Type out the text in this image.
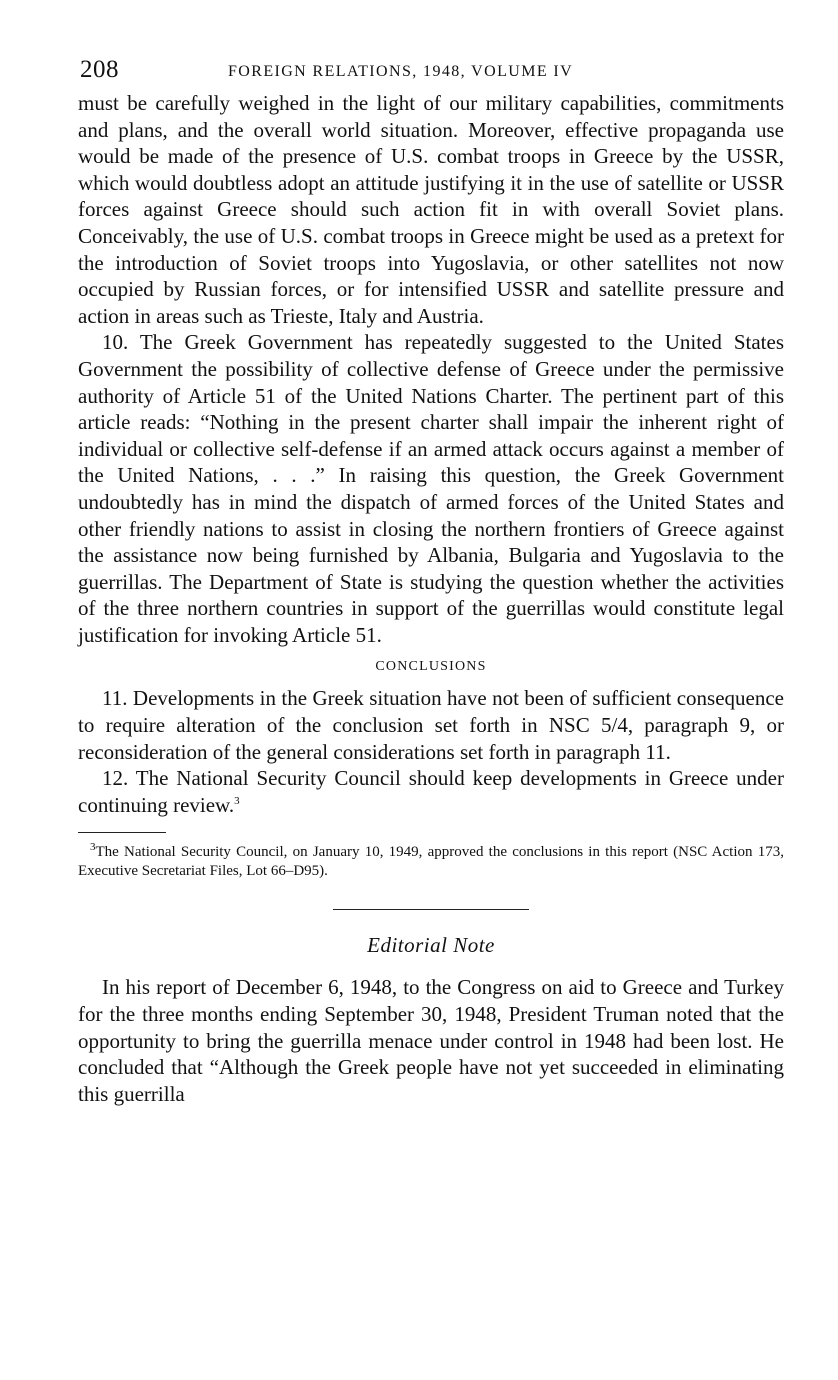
208	FOREIGN RELATIONS, 1948, VOLUME IV

must be carefully weighed in the light of our military capabilities, commitments and plans, and the overall world situation. Moreover, effective propaganda use would be made of the presence of U.S. combat troops in Greece by the USSR, which would doubtless adopt an attitude justifying it in the use of satellite or USSR forces against Greece should such action fit in with overall Soviet plans. Conceivably, the use of U.S. combat troops in Greece might be used as a pretext for the introduction of Soviet troops into Yugoslavia, or other satellites not now occupied by Russian forces, or for intensified USSR and satellite pressure and action in areas such as Trieste, Italy and Austria.

10. The Greek Government has repeatedly suggested to the United States Government the possibility of collective defense of Greece under the permissive authority of Article 51 of the United Nations Charter. The pertinent part of this article reads: “Nothing in the present charter shall impair the inherent right of individual or collective self-defense if an armed attack occurs against a member of the United Nations, . . .” In raising this question, the Greek Government undoubtedly has in mind the dispatch of armed forces of the United States and other friendly nations to assist in closing the northern frontiers of Greece against the assistance now being furnished by Albania, Bulgaria and Yugoslavia to the guerrillas. The Department of State is studying the question whether the activities of the three northern countries in support of the guerrillas would constitute legal justification for invoking Article 51.

CONCLUSIONS

11. Developments in the Greek situation have not been of sufficient consequence to require alteration of the conclusion set forth in NSC 5/4, paragraph 9, or reconsideration of the general considerations set forth in paragraph 11.

12. The National Security Council should keep developments in Greece under continuing review.$^3$

$^3$The National Security Council, on January 10, 1949, approved the conclusions in this report (NSC Action 173, Executive Secretariat Files, Lot 66–D95).

Editorial Note

In his report of December 6, 1948, to the Congress on aid to Greece and Turkey for the three months ending September 30, 1948, President Truman noted that the opportunity to bring the guerrilla menace under control in 1948 had been lost. He concluded that “Although the Greek people have not yet succeeded in eliminating this guerrilla
